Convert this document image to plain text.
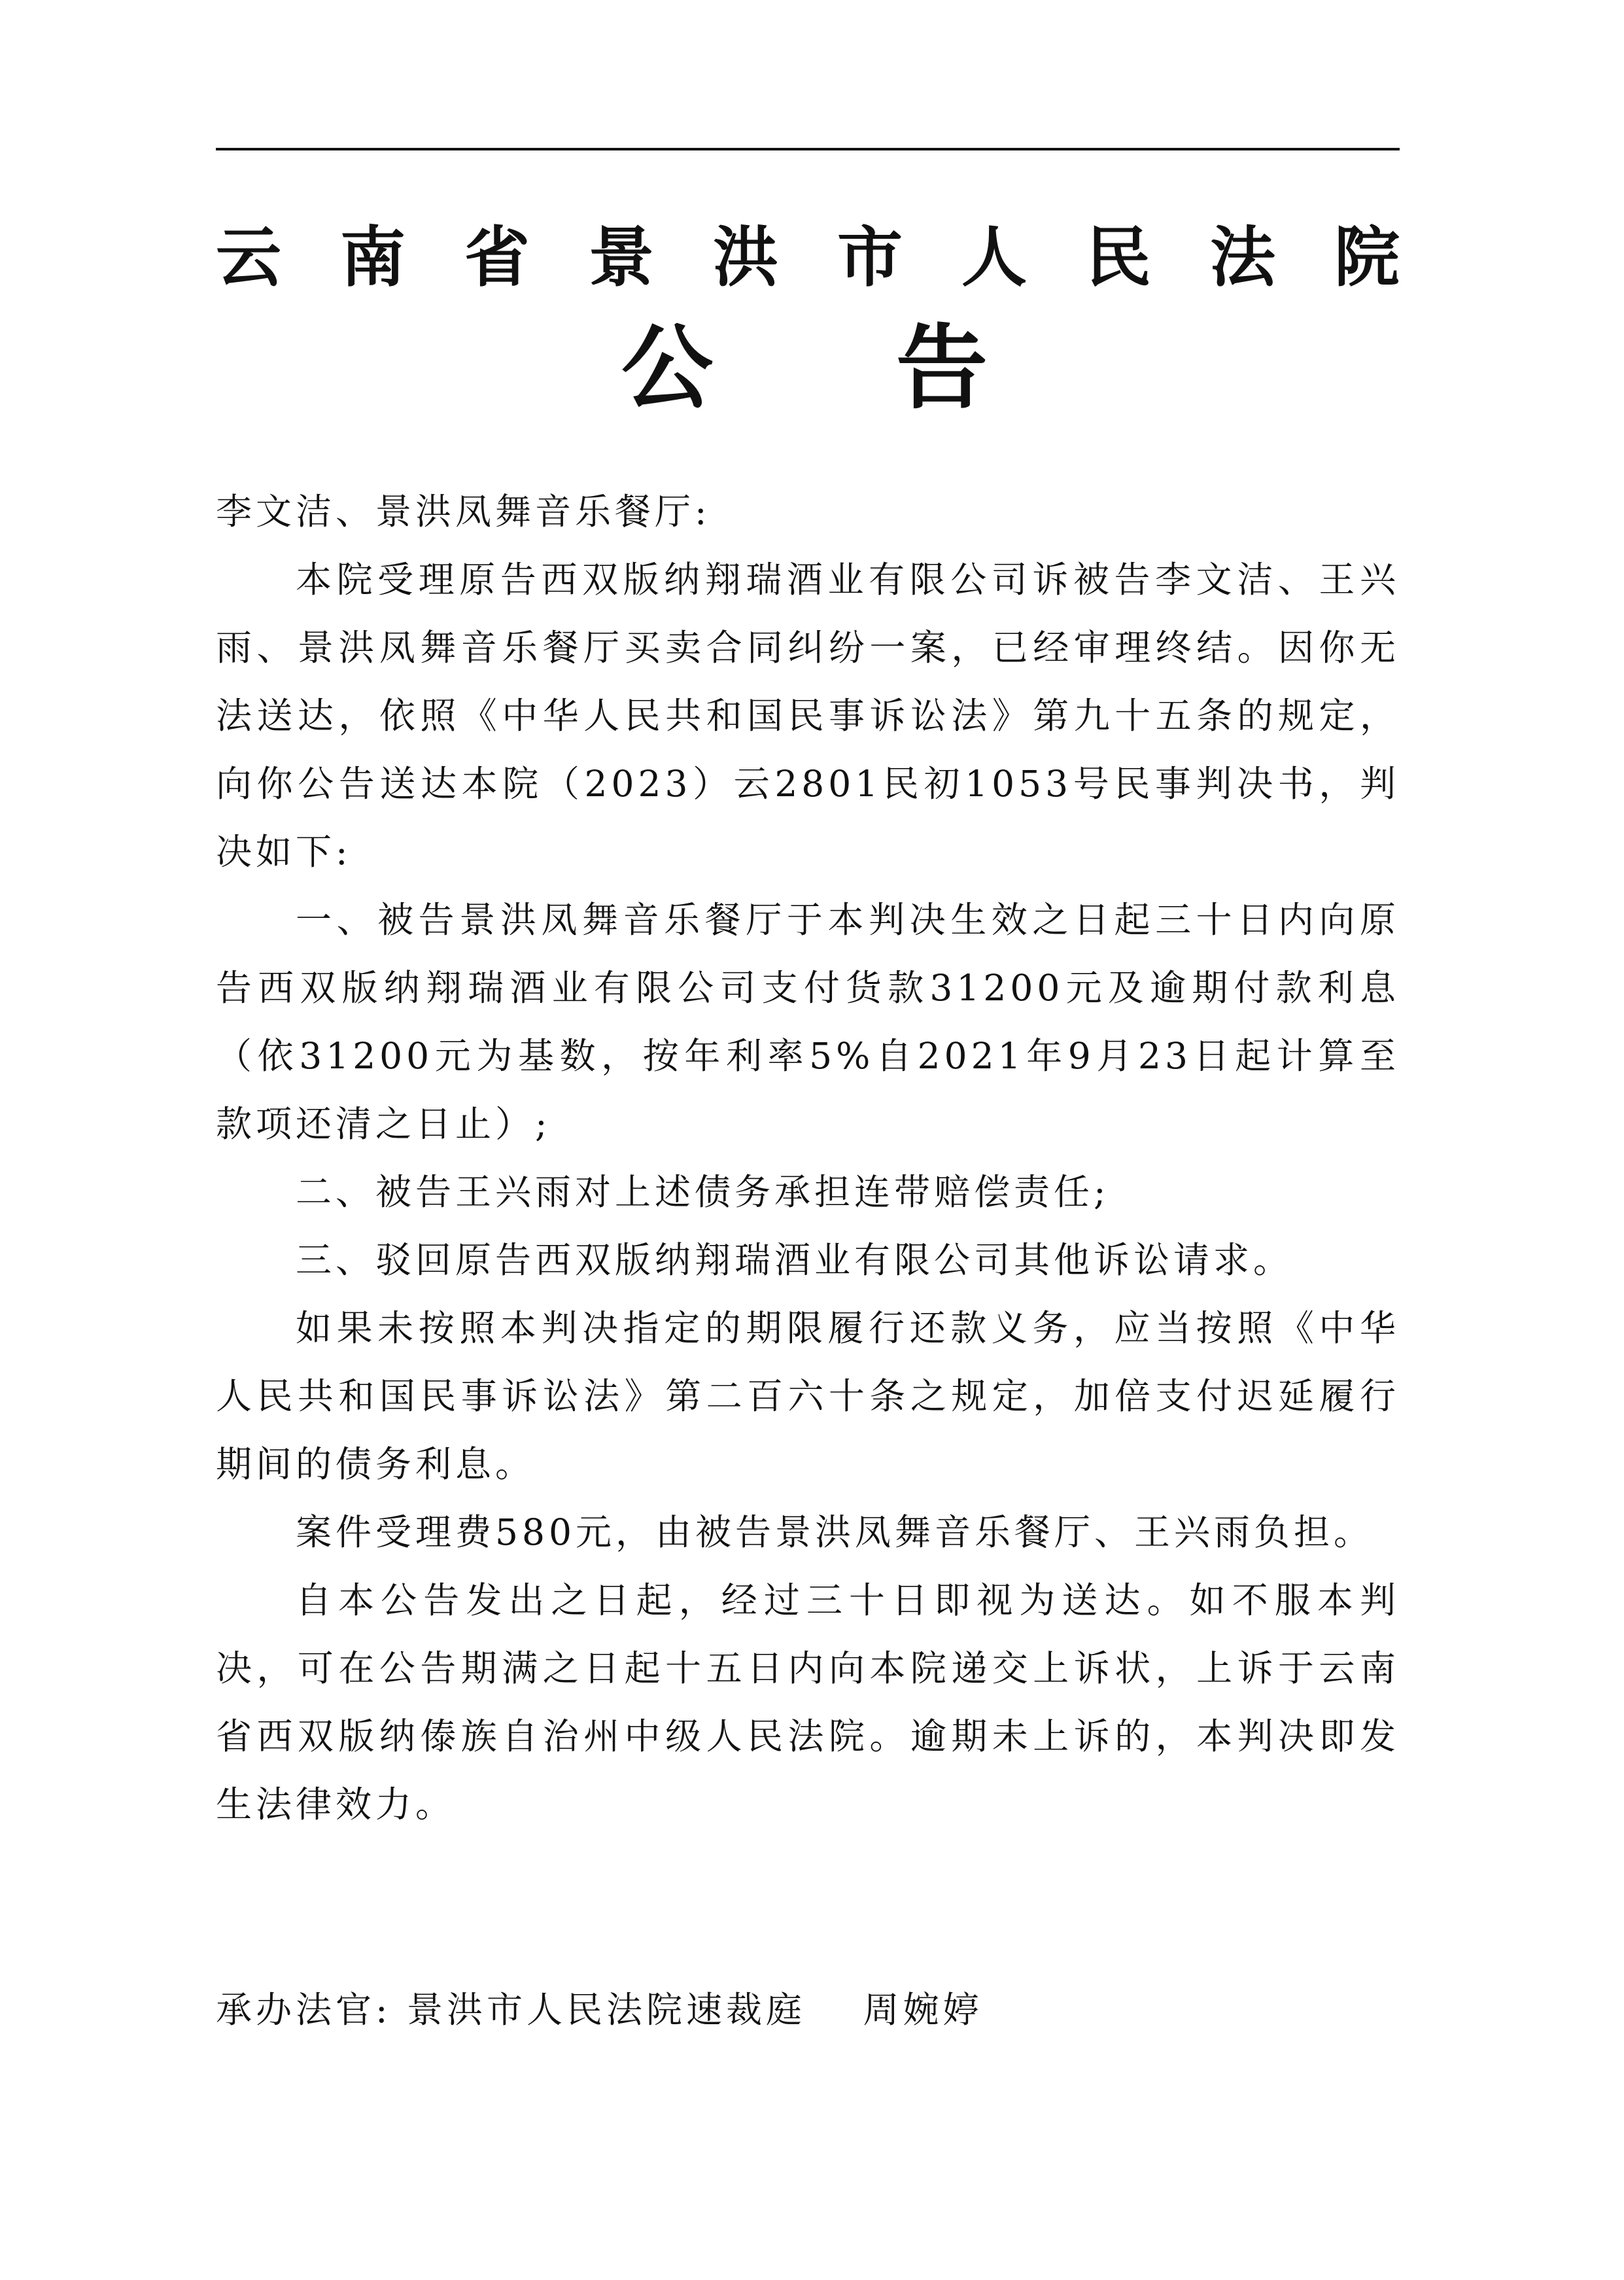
云 南 省 景 洪 市 人 民 法 院
公 告

李文洁、景洪凤舞音乐餐厅:

本院受理原告西双版纳翔瑞酒业有限公司诉被告李文洁、王兴雨、景洪凤舞音乐餐厅买卖合同纠纷一案，已经审理终结。因你无法送达，依照《中华人民共和国民事诉讼法》第九十五条的规定，向你公告送达本院（2023）云2801民初1053号民事判决书，判决如下:

一、被告景洪凤舞音乐餐厅于本判决生效之日起三十日内向原告西双版纳翔瑞酒业有限公司支付货款31200元及逾期付款利息（依31200元为基数，按年利率5%自2021年9月23日起计算至款项还清之日止）;

二、被告王兴雨对上述债务承担连带赔偿责任;

三、驳回原告西双版纳翔瑞酒业有限公司其他诉讼请求。

如果未按照本判决指定的期限履行还款义务，应当按照《中华人民共和国民事诉讼法》第二百六十条之规定，加倍支付迟延履行期间的债务利息。

案件受理费580元，由被告景洪凤舞音乐餐厅、王兴雨负担。

自本公告发出之日起，经过三十日即视为送达。如不服本判决，可在公告期满之日起十五日内向本院递交上诉状，上诉于云南省西双版纳傣族自治州中级人民法院。逾期未上诉的，本判决即发生法律效力。

承办法官: 景洪市人民法院速裁庭 周婉婷
